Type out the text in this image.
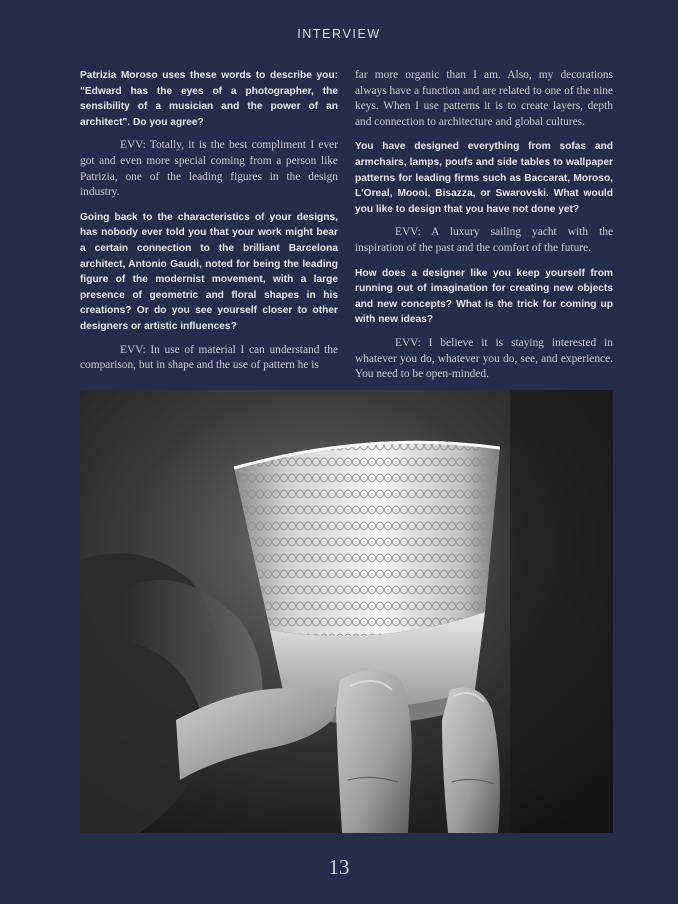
INTERVIEW

Patrizia Moroso uses these words to describe you: "Edward has the eyes of a photographer, the sensibility of a musician and the power of an architect". Do you agree?

EVV: Totally, it is the best compliment I ever got and even more special coming from a person like Patrizia, one of the leading figures in the design industry.

Going back to the characteristics of your designs, has nobody ever told you that your work might bear a certain connection to the brilliant Barcelona architect, Antonio Gaudi, noted for being the leading figure of the modernist movement, with a large presence of geometric and floral shapes in his creations? Or do you see yourself closer to other designers or artistic influences?

EVV: In use of material I can understand the comparison, but in shape and the use of pattern he is

far more organic than I am. Also, my decorations always have a function and are related to one of the nine keys. When I use patterns it is to create layers, depth and connection to architecture and global cultures.

You have designed everything from sofas and armchairs, lamps, poufs and side tables to wallpaper patterns for leading firms such as Baccarat, Moroso, L'Oreal, Moooi, Bisazza, or Swarovski. What would you like to design that you have not done yet?

EVV: A luxury sailing yacht with the inspiration of the past and the comfort of the future.

How does a designer like you keep yourself from running out of imagination for creating new objects and new concepts? What is the trick for coming up with new ideas?

EVV: I believe it is staying interested in whatever you do, whatever you do, see, and experience. You need to be open-minded.

13
